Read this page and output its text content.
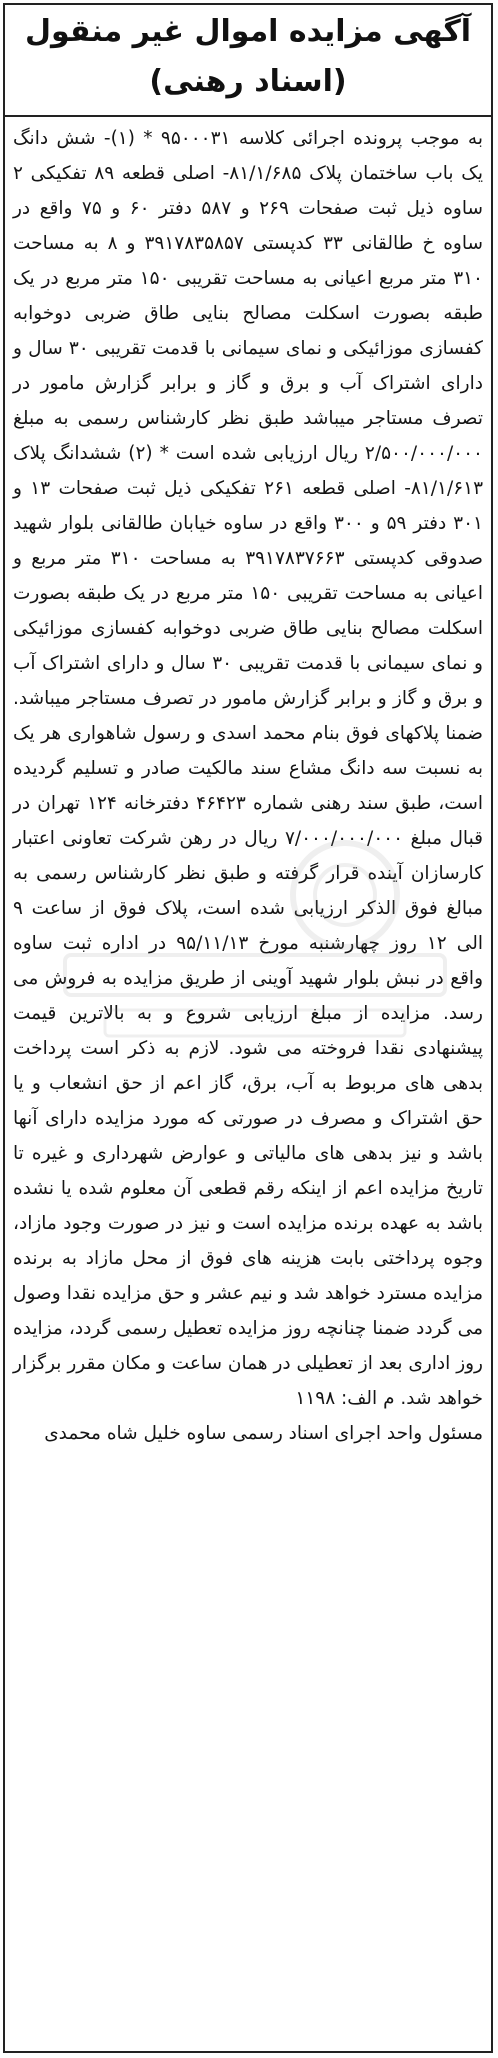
آگهی مزایده اموال غیر منقول (اسناد رهنی)

به موجب پرونده اجرائی کلاسه ۹۵۰۰۰۳۱ * (۱)- شش دانگ یک باب ساختمان پلاک ۸۱/۱/۶۸۵- اصلی قطعه ۸۹ تفکیکی ۲ ساوه ذیل ثبت صفحات ۲۶۹ و ۵۸۷ دفتر ۶۰ و ۷۵ واقع در ساوه خ طالقانی ۳۳ کدپستی ۳۹۱۷۸۳۵۸۵۷ و ۸ به مساحت ۳۱۰ متر مربع اعیانی به مساحت تقریبی ۱۵۰ متر مربع در یک طبقه بصورت اسکلت مصالح بنایی طاق ضربی دوخوابه کفسازی موزائیکی و نمای سیمانی با قدمت تقریبی ۳۰ سال و دارای اشتراک آب و برق و گاز و برابر گزارش مامور در تصرف مستاجر میباشد طبق نظر کارشناس رسمی به مبلغ ۲/۵۰۰/۰۰۰/۰۰۰ ریال ارزیابی شده است * (۲) ششدانگ پلاک ۸۱/۱/۶۱۳- اصلی قطعه ۲۶۱ تفکیکی ذیل ثبت صفحات ۱۳ و ۳۰۱ دفتر ۵۹ و ۳۰۰ واقع در ساوه خیابان طالقانی بلوار شهید صدوقی کدپستی ۳۹۱۷۸۳۷۶۶۳ به مساحت ۳۱۰ متر مربع و اعیانی به مساحت تقریبی ۱۵۰ متر مربع در یک طبقه بصورت اسکلت مصالح بنایی طاق ضربی دوخوابه کفسازی موزائیکی و نمای سیمانی با قدمت تقریبی ۳۰ سال و دارای اشتراک آب و برق و گاز و برابر گزارش مامور در تصرف مستاجر میباشد. ضمنا پلاکهای فوق بنام محمد اسدی و رسول شاهواری هر یک به نسبت سه دانگ مشاع سند مالکیت صادر و تسلیم گردیده است، طبق سند رهنی شماره ۴۶۴۲۳ دفترخانه ۱۲۴ تهران در قبال مبلغ ۷/۰۰۰/۰۰۰/۰۰۰ ریال در رهن شرکت تعاونی اعتبار کارسازان آینده قرار گرفته و طبق نظر کارشناس رسمی به مبالغ فوق الذکر ارزیابی شده است، پلاک فوق از ساعت ۹ الی ۱۲ روز چهارشنبه مورخ ۹۵/۱۱/۱۳ در اداره ثبت ساوه واقع در نبش بلوار شهید آوینی از طریق مزایده به فروش می رسد. مزایده از مبلغ ارزیابی شروع و به بالاترین قیمت پیشنهادی نقدا فروخته می شود. لازم به ذکر است پرداخت بدهی های مربوط به آب، برق، گاز اعم از حق انشعاب و یا حق اشتراک و مصرف در صورتی که مورد مزایده دارای آنها باشد و نیز بدهی های مالیاتی و عوارض شهرداری و غیره تا تاریخ مزایده اعم از اینکه رقم قطعی آن معلوم شده یا نشده باشد به عهده برنده مزایده است و نیز در صورت وجود مازاد، وجوه پرداختی بابت هزینه های فوق از محل مازاد به برنده مزایده مسترد خواهد شد و نیم عشر و حق مزایده نقدا وصول می گردد ضمنا چنانچه روز مزایده تعطیل رسمی گردد، مزایده روز اداری بعد از تعطیلی در همان ساعت و مکان مقرر برگزار خواهد شد. م الف: ۱۱۹۸

مسئول واحد اجرای اسناد رسمی ساوه خلیل شاه محمدی
